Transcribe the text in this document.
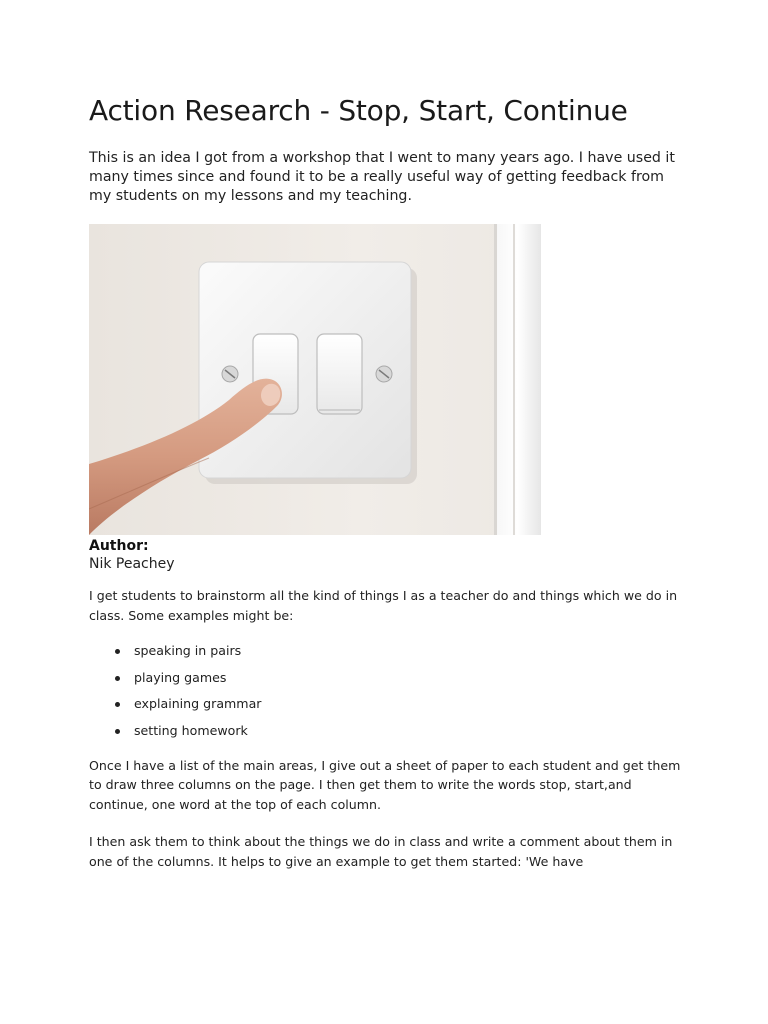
Action Research - Stop, Start, Continue

This is an idea I got from a workshop that I went to many years ago. I have used it many times since and found it to be a really useful way of getting feedback from my students on my lessons and my teaching.

Author:
Nik Peachey

I get students to brainstorm all the kind of things I as a teacher do and things which we do in class. Some examples might be:

speaking in pairs
playing games
explaining grammar
setting homework

Once I have a list of the main areas, I give out a sheet of paper to each student and get them to draw three columns on the page. I then get them to write the words stop, start,and continue, one word at the top of each column.

I then ask them to think about the things we do in class and write a comment about them in one of the columns. It helps to give an example to get them started: 'We have
